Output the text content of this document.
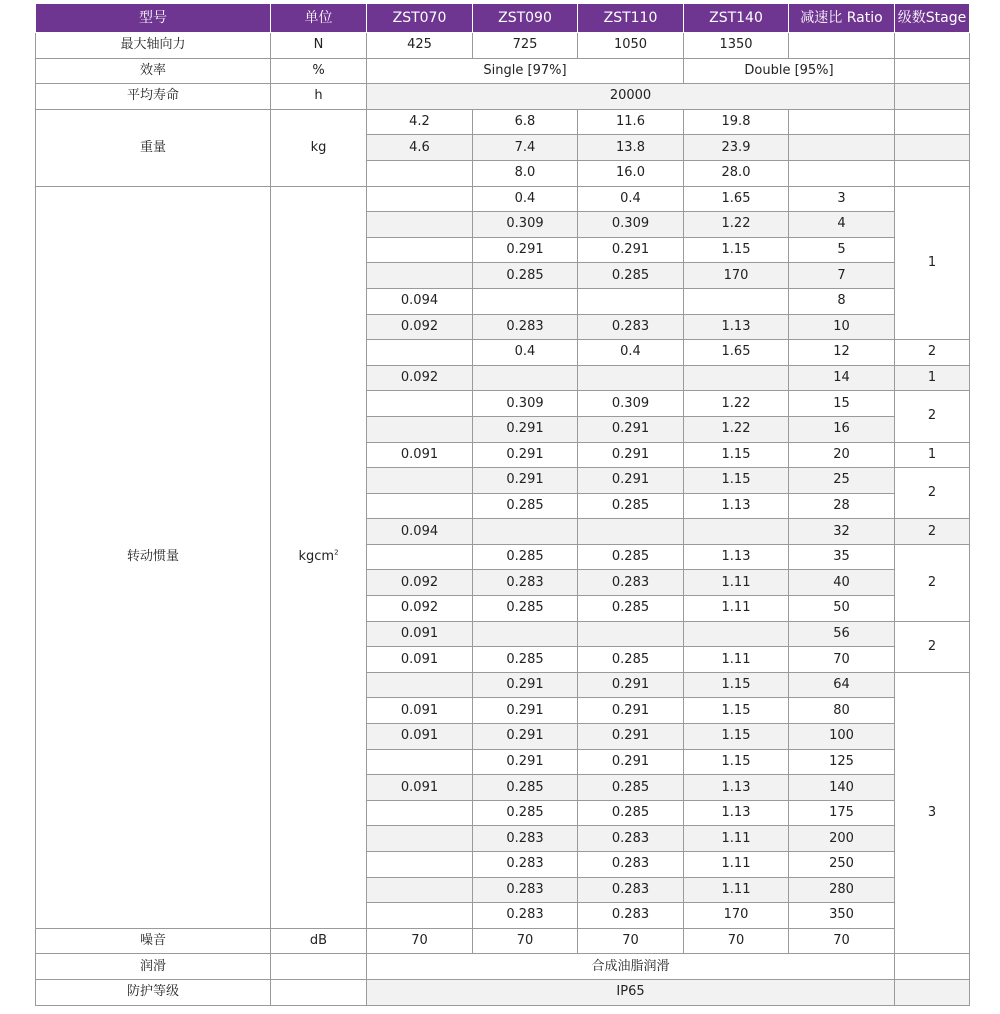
型号	单位	ZST070	ZST090	ZST110	ZST140	减速比 Ratio	级数Stage	
最大轴向力	N	425	725	1050	1350			
效率	%	Single [97%]			Double [95%]			
平均寿命	h	20000						
重量	kg	4.2	6.8	11.6	19.8			
		4.6	7.4	13.8	23.9			
			8.0	16.0	28.0			
转动惯量	kgcm$^2$		0.4	0.4	1.65	3	1	
			0.309	0.309	1.22	4		
			0.291	0.291	1.15	5		
			0.285	0.285	170	7		
		0.094				8		
		0.092	0.283	0.283	1.13	10		
			0.4	0.4	1.65	12	2	
		0.092				14	1	
			0.309	0.309	1.22	15	2	
			0.291	0.291	1.22	16		
		0.091	0.291	0.291	1.15	20	1	
			0.291	0.291	1.15	25	2	
			0.285	0.285	1.13	28		
		0.094				32	2	
			0.285	0.285	1.13	35	2	
		0.092	0.283	0.283	1.11	40		
		0.092	0.285	0.285	1.11	50		
		0.091				56	2	
		0.091	0.285	0.285	1.11	70		
			0.291	0.291	1.15	64	3	
		0.091	0.291	0.291	1.15	80		
		0.091	0.291	0.291	1.15	100		
			0.291	0.291	1.15	125		
		0.091	0.285	0.285	1.13	140		
			0.285	0.285	1.13	175		
			0.283	0.283	1.11	200		
			0.283	0.283	1.11	250		
			0.283	0.283	1.11	280		
			0.283	0.283	170	350		
噪音	dB	70	70	70	70	70		
润滑		合成油脂润滑						
防护等级		IP65						
